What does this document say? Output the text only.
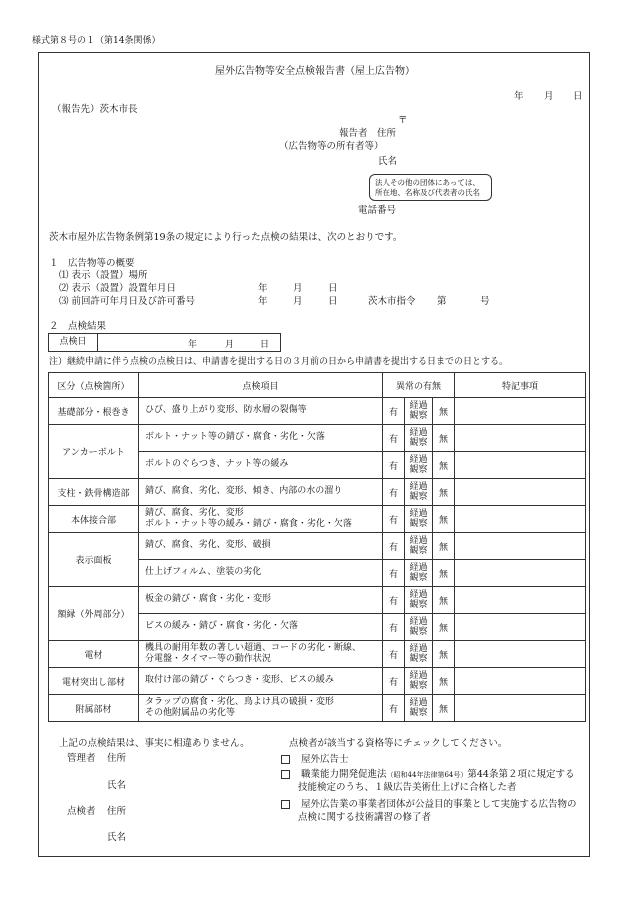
様式第８号の１（第14条関係）
屋外広告物等安全点検報告書（屋上広告物）
年 月 日
（報告先）茨木市長
〒
報告者　住所
（広告物等の所有者等）
氏名
法人その他の団体にあっては、
所在地、名称及び代表者の氏名
電話番号
茨木市屋外広告物条例第19条の規定により行った点検の結果は、次のとおりです。
１　広告物等の概要
⑴ 表示（設置）場所
⑵ 表示（設置）設置年月日	年	月	日
⑶ 前回許可年月日及び許可番号	年	月	日	茨木市指令 第	号
２　点検結果
点検日	年	月	日
注）継続申請に伴う点検の点検日は、申請書を提出する日の３月前の日から申請書を提出する日までの日とする。
区分（点検箇所）	点検項目	異常の有無			特記事項
基礎部分・根巻き	ひび、盛り上がり変形、防水層の裂傷等	有	経過
観察	無	
アンカーボルト	ボルト・ナット等の錆び・腐食・劣化・欠落	有	経過
観察	無	
	ボルトのぐらつき、ナット等の緩み	有	経過
観察	無	
支柱・鉄骨構造部	錆び、腐食、劣化、変形、傾き、内部の水の溜り	有	経過
観察	無	
本体接合部	錆び、腐食、劣化、変形
ボルト・ナット等の緩み・錆び・腐食・劣化・欠落	有	経過
観察	無	
表示面板	錆び、腐食、劣化、変形、破損	有	経過
観察	無	
	仕上げフィルム、塗装の劣化	有	経過
観察	無	
額縁（外周部分）	板金の錆び・腐食・劣化・変形	有	経過
観察	無	
	ビスの緩み・錆び・腐食・劣化・欠落	有	経過
観察	無	
電材	機具の耐用年数の著しい超過、コードの劣化・断線、
分電盤・タイマー等の動作状況	有	経過
観察	無	
電材突出し部材	取付け部の錆び・ぐらつき・変形、ビスの緩み	有	経過
観察	無	
附属部材	タラップの腐食・劣化、鳥よけ具の破損・変形
その他附属品の劣化等	有	経過
観察	無	
上記の点検結果は、事実に相違ありません。
管理者 住所
氏名
点検者 住所
氏名
点検者が該当する資格等にチェックしてください。
屋外広告士
職業能力開発促進法（昭和44年法律第64号）第44条第２項に規定する
技能検定のうち、１級広告美術仕上げに合格した者
屋外広告業の事業者団体が公益目的事業として実施する広告物の
点検に関する技術講習の修了者
